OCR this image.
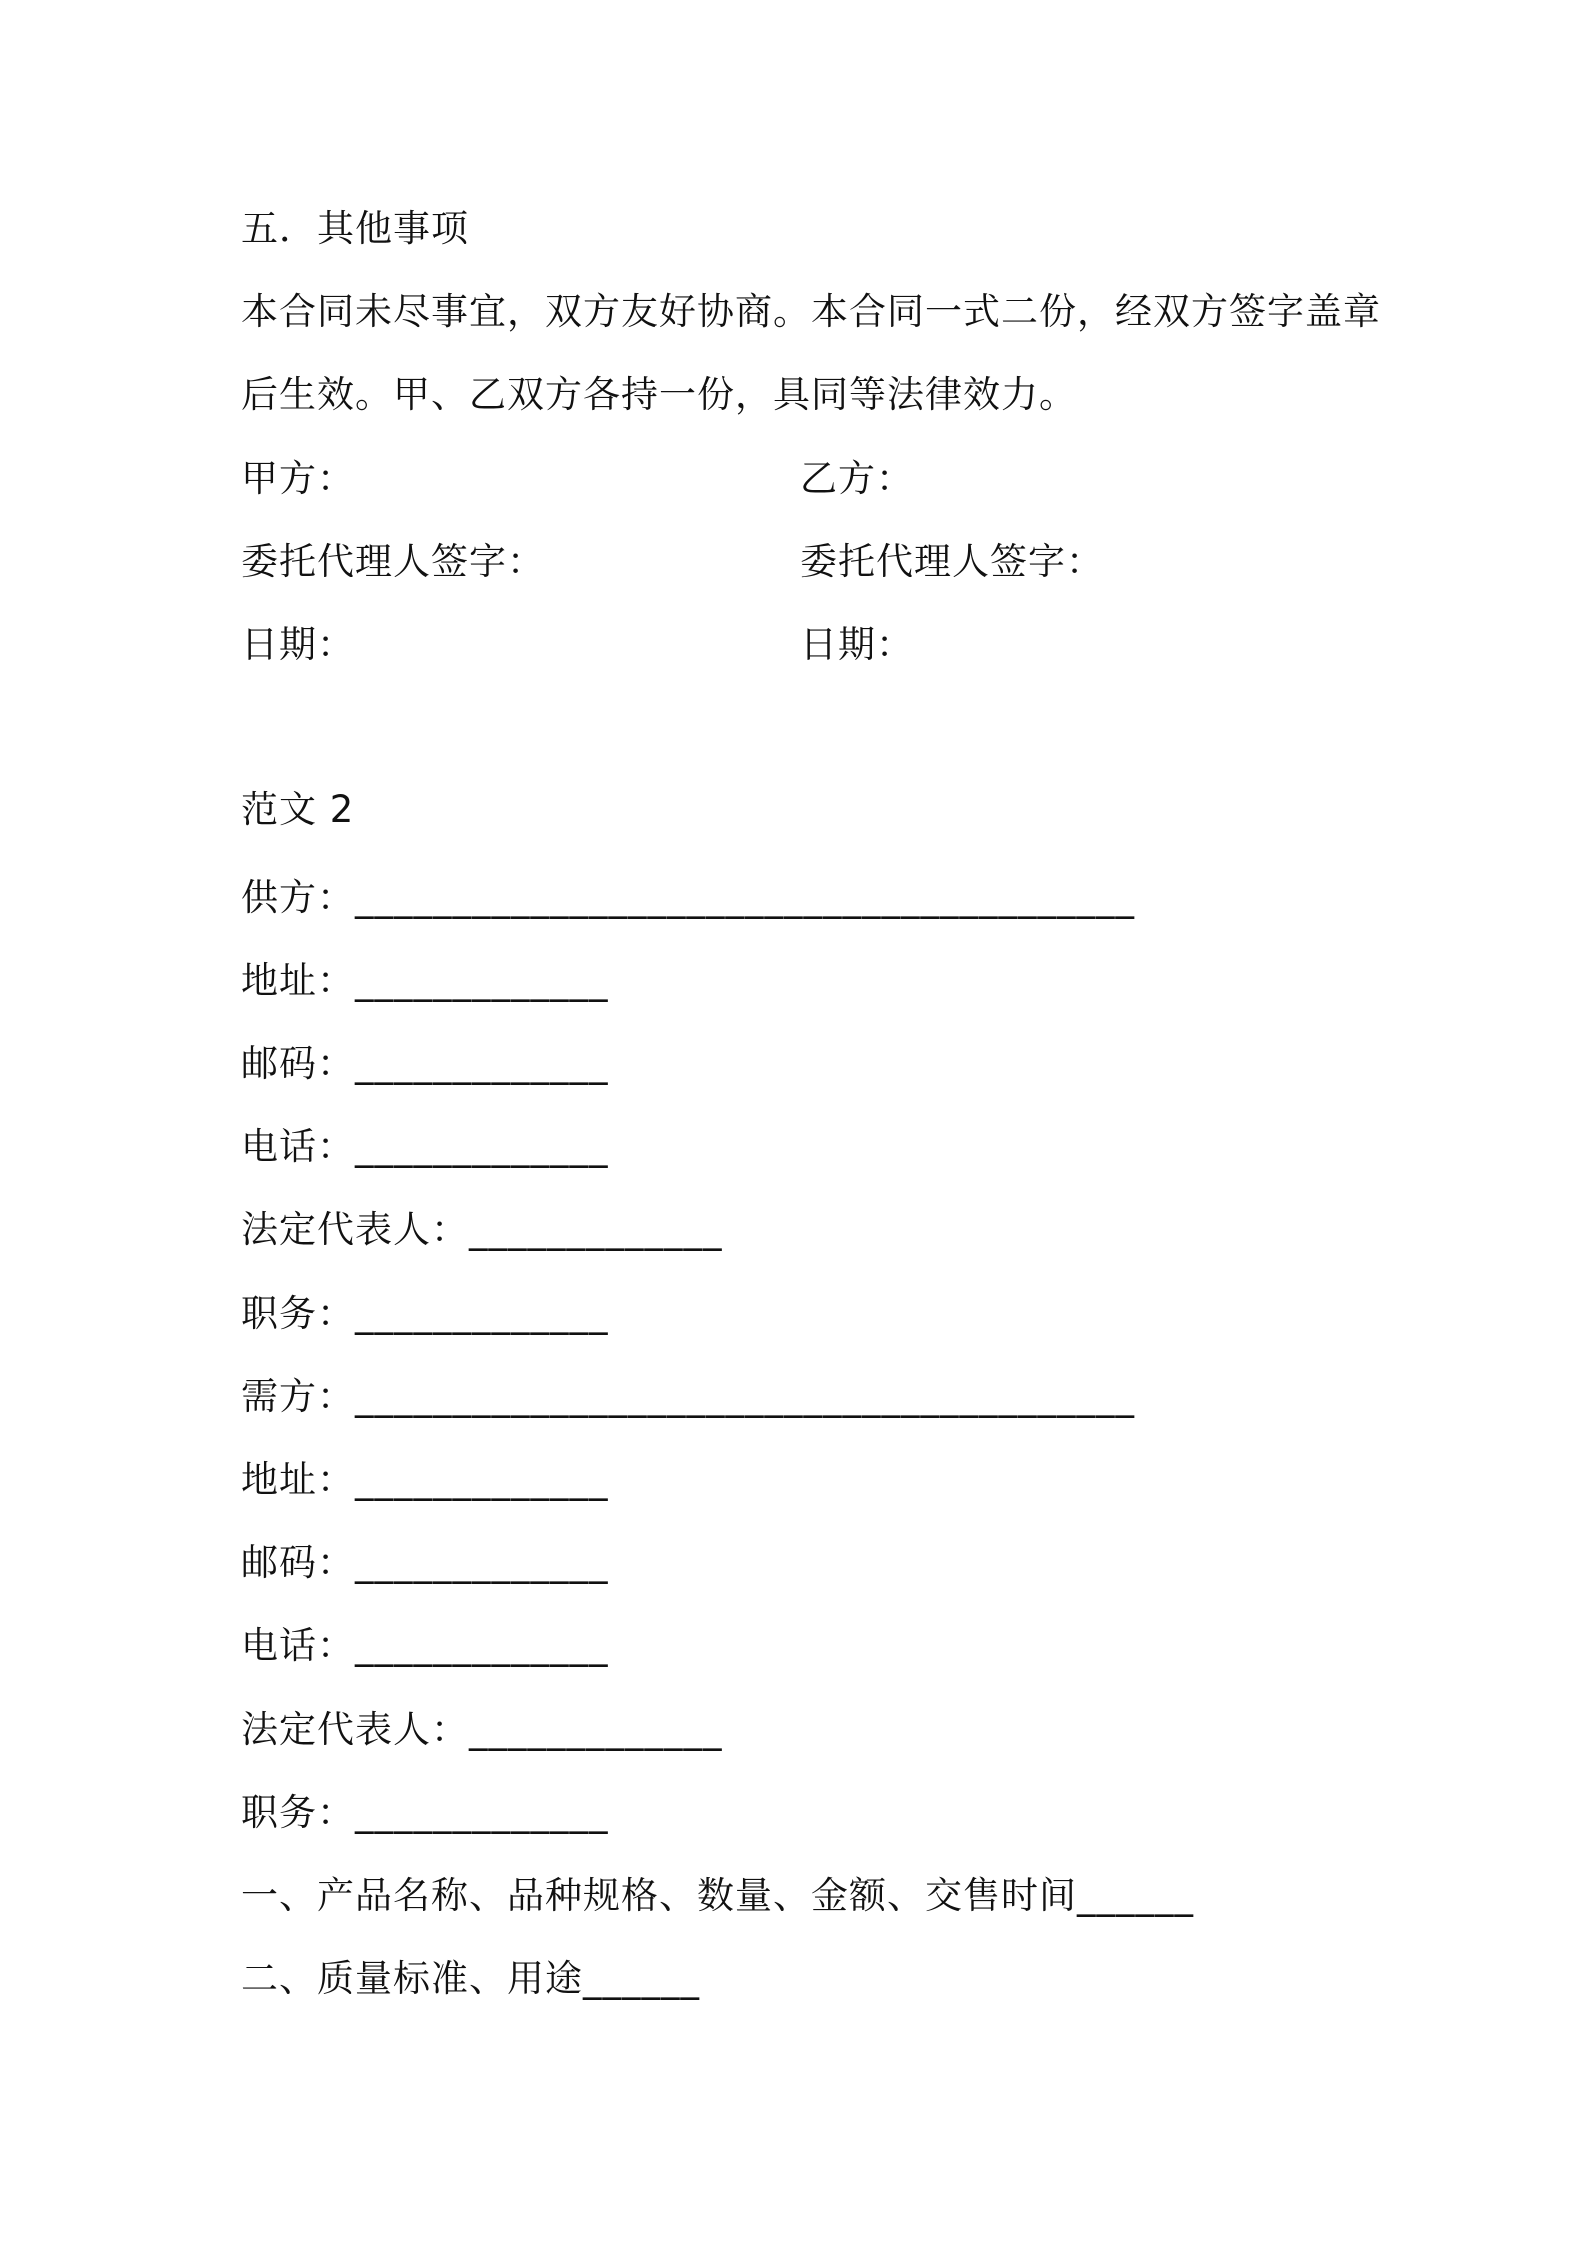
五．其他事项
本合同未尽事宜，双方友好协商。本合同一式二份，经双方签字盖章
后生效。甲、乙双方各持一份，具同等法律效力。
甲方：	乙方：
委托代理人签字：	委托代理人签字：
日期：	日期：
范文 2
供方：________________________________________
地址：_____________
邮码：_____________
电话：_____________
法定代表人：_____________
职务：_____________
需方：________________________________________
地址：_____________
邮码：_____________
电话：_____________
法定代表人：_____________
职务：_____________
一、产品名称、品种规格、数量、金额、交售时间______
二、质量标准、用途______
